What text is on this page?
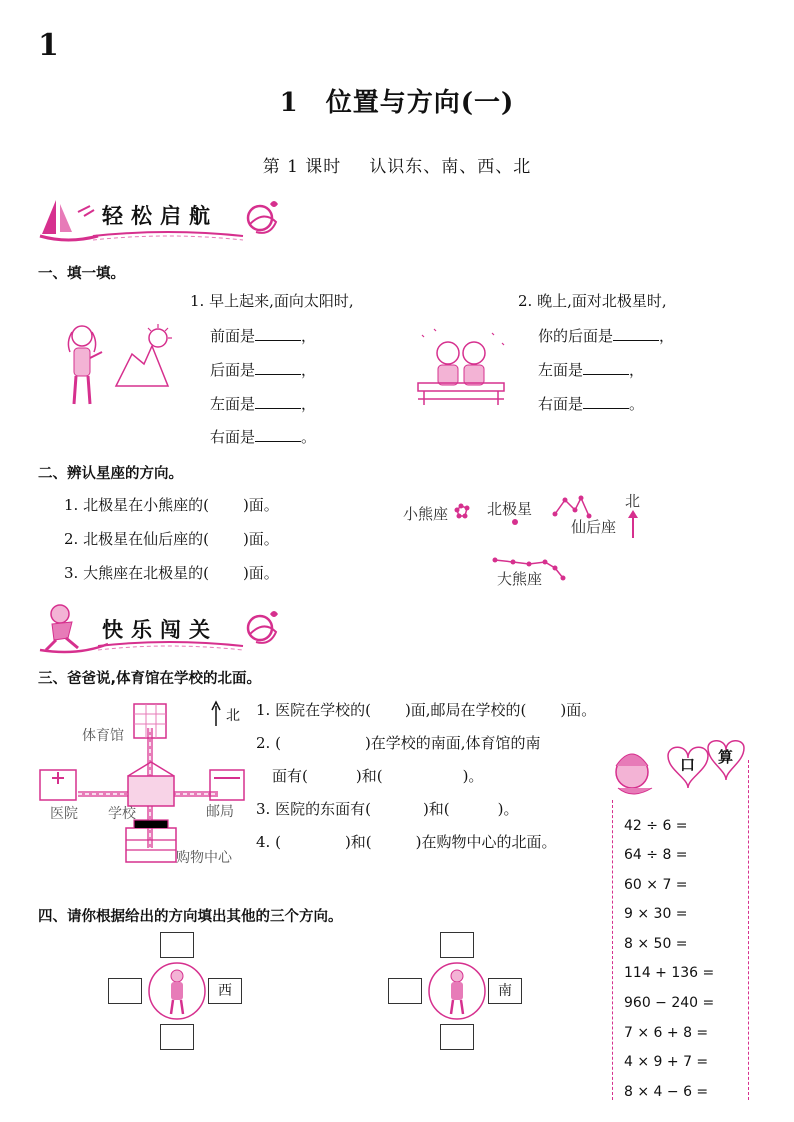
1
1　位置与方向(一)
第 1 课时 认识东、南、西、北
轻松启航
一、填一填。
1. 早上起来,面向太阳时,
前面是	，
后面是	，
左面是	，
右面是	。
2. 晚上,面对北极星时,
你的后面是	，
左面是	，
右面是	。
二、辨认星座的方向。
1. 北极星在小熊座的( )面。
2. 北极星在仙后座的( )面。
3. 大熊座在北极星的( )面。
小熊座	北极星
仙后座
北
大熊座
快乐闯关
三、爸爸说,体育馆在学校的北面。
体育馆
医院 学校	邮局
购物中心
北 1. 医院在学校的( )面,邮局在学校的( )面。
2. (	)在学校的南面,体育馆的南
面有(	)和(	)。
3. 医院的东面有(	)和(	)。
4. (	)和(	)在购物中心的北面。
口 算
42 ÷ 6 =
64 ÷ 8 =
60 × 7 =
9 × 30 =
8 × 50 =
114 + 136 =
960 − 240 =
7 × 6 + 8 =
4 × 9 + 7 =
8 × 4 − 6 =
四、请你根据给出的方向填出其他的三个方向。
西	南
